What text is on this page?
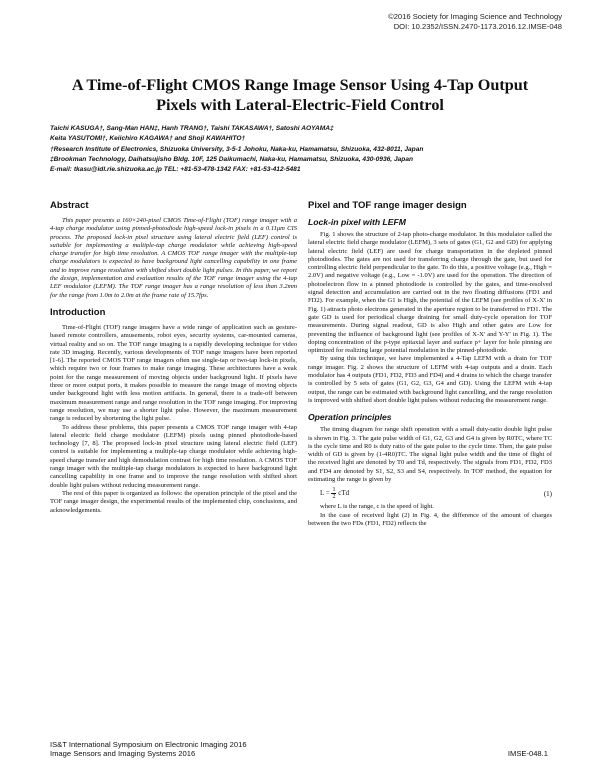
©2016 Society for Imaging Science and Technology
DOI: 10.2352/ISSN.2470-1173.2016.12.IMSE-048
A Time-of-Flight CMOS Range Image Sensor Using 4-Tap Output Pixels with Lateral-Electric-Field Control
Taichi KASUGA†, Sang-Man HAN‡, Hanh TRANG†, Taishi TAKASAWA†, Satoshi AOYAMA‡
Keita YASUTOMI†, Keiichiro KAGAWA† and Shoji KAWAHITO†
†Research Institute of Electronics, Shizuoka University, 3-5-1 Johoku, Naka-ku, Hamamatsu, Shizuoka, 432-8011, Japan
‡Brookman Technology, Daihatsujisho Bldg. 10F, 125 Daikumachi, Naka-ku, Hamamatsu, Shizuoka, 430-0936, Japan
E-mail: tkasu@idl.rie.shizuoka.ac.jp TEL: +81-53-478-1342 FAX: +81-53-412-5481
Abstract

This paper presents a 160×240-pixel CMOS Time-of-Flight (TOF) range imager with a 4-tap charge modulator using pinned-photodiode high-speed lock-in pixels in a 0.11μm CIS process. The proposed lock-in pixel structure using lateral electric field (LEF) control is suitable for implementing a multiple-tap charge modulator while achieving high-speed charge transfer for high time resolution. A CMOS TOF range imager with the multiple-tap charge modulators is expected to have background light cancelling capability in one frame and to improve range resolution with shifted short double light pulses. In this paper, we report the design, implementation and evaluation results of the TOF range imager using the 4-tap LEF modulator (LEFM). The TOF range imager has a range resolution of less than 3.2mm for the range from 1.0m to 2.0m at the frame rate of 15.7fps.

Introduction

Time-of-Flight (TOF) range imagers have a wide range of application such as gesture-based remote controllers, amusements, robot eyes, security systems, car-mounted cameras, virtual reality and so on. The TOF range imaging is a rapidly developing technique for video rate 3D imaging. Recently, various developments of TOF range imagers have been reported [1-6]. The reported CMOS TOF range imagers often use single-tap or two-tap lock-in pixels, which require two or four frames to make range imaging. These architectures have a weak point for the range measurement of moving objects under background light. If pixels have three or more output ports, it makes possible to measure the range image of moving objects under background light with less motion artifacts. In general, there is a trade-off between maximum measurement range and range resolution in the TOF range imaging. For improving range resolution, we may use a shorter light pulse. However, the maximum measurement range is reduced by shortening the light pulse.

To address these problems, this paper presents a CMOS TOF range imager with 4-tap lateral electric field charge modulator (LEFM) pixels using pinned photodiode-based technology [7, 8]. The proposed lock-in pixel structure using lateral electric field (LEF) control is suitable for implementing a multiple-tap charge modulator while achieving high-speed charge transfer and high demodulation contrast for high time resolution. A CMOS TOF range imager with the multiple-tap charge modulators is expected to have background light cancelling capability in one frame and to improve the range resolution with shifted short double light pulses without reducing measurement range.

The rest of this paper is organized as follows: the operation principle of the pixel and the TOF range imager design, the experimental results of the implemented chip, conclusions, and acknowledgements.

Pixel and TOF range imager design
Lock-in pixel with LEFM

Fig. 1 shows the structure of 2-tap photo-charge modulator. In this modulator called the lateral electric field charge modulator (LEFM), 3 sets of gates (G1, G2 and GD) for applying lateral electric field (LEF) are used for charge transportation in the depleted pinned photodiodes. The gates are not used for transferring charge through the gate, but used for controlling electric field perpendicular to the gate. To do this, a positive voltage (e.g., High = 2.0V) and negative voltage (e.g., Low = -1.0V) are used for the operation. The direction of photoelectron flow in a pinned photodiode is controlled by the gates, and time-resolved signal detection and accumulation are carried out in the two floating diffusions (FD1 and FD2). For example, when the G1 is High, the potential of the LEFM (see profiles of X-X' in Fig. 1) attracts photo electrons generated in the aperture region to be transferred to FD1. The gate GD is used for periodical charge draining for small duty-cycle operation for TOF measurements. During signal readout, GD is also High and other gates are Low for preventing the influence of background light (see profiles of X-X' and Y-Y' in Fig. 1). The doping concentration of the p-type epitaxial layer and surface p+ layer for hole pinning are optimized for realizing large potential modulation in the pinned-photodiode.

By using this technique, we have implemented a 4-Tap LEFM with a drain for TOF range imager. Fig. 2 shows the structure of LEFM with 4-tap outputs and a drain. Each modulator has 4 outputs (FD1, FD2, FD3 and FD4) and 4 drains to which the charge transfer is controlled by 5 sets of gates (G1, G2, G3, G4 and GD). Using the LEFM with 4-tap output, the range can be estimated with background light cancelling, and the range resolution is improved with shifted short double light pulses without reducing the measurement range.

Operation principles

The timing diagram for range shift operation with a small duty-ratio double light pulse is shown in Fig. 3. The gate pulse width of G1, G2, G3 and G4 is given by R0TC, where TC is the cycle time and R0 is duty ratio of the gate pulse to the cycle time. Then, the gate pulse width of GD is given by (1-4R0)TC. The signal light pulse width and the time of flight of the received light are denoted by T0 and Td, respectively. The signals from FD1, FD2, FD3 and FD4 are denoted by S1, S2, S3 and S4, respectively. In TOF method, the equation for estimating the range is given by

$L = \frac{1}{2}$ cTd	(1)

where L is the range, c is the speed of light.

In the case of received light (2) in Fig. 4, the difference of the amount of charges between the two FDs (FD1, FD2) reflects the

IS&T International Symposium on Electronic Imaging 2016
Image Sensors and Imaging Systems 2016	IMSE-048.1
